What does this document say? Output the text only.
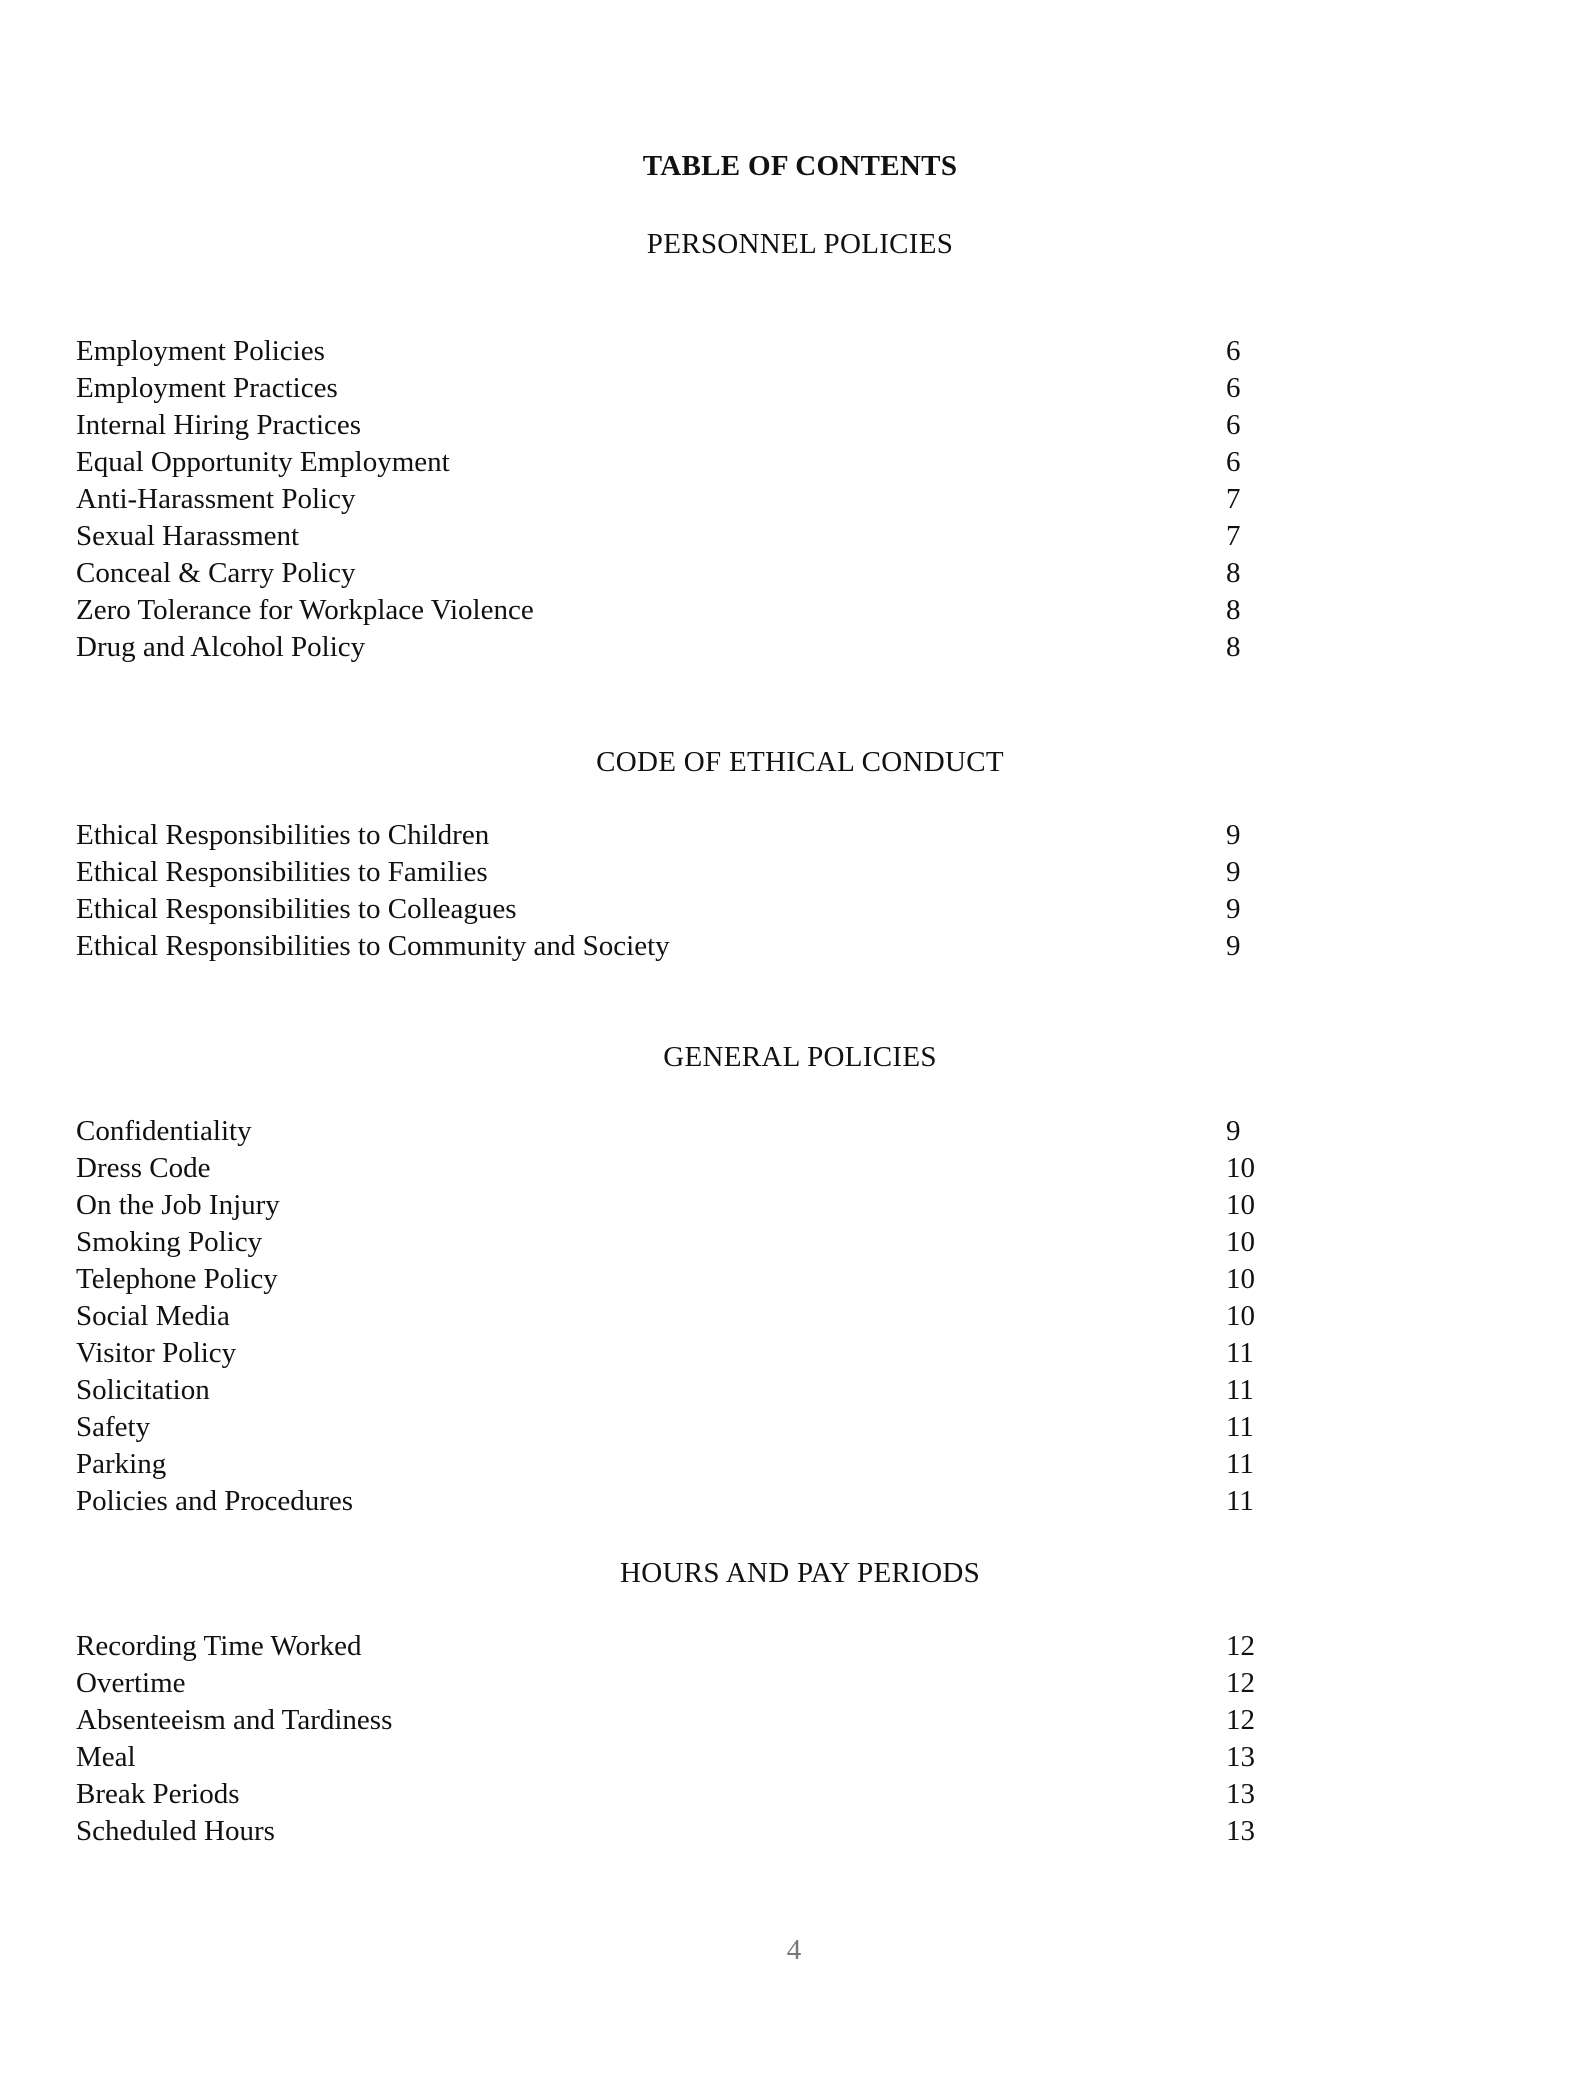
TABLE OF CONTENTS
PERSONNEL POLICIES
Employment Policies	6
Employment Practices	6
Internal Hiring Practices	6
Equal Opportunity Employment	6
Anti-Harassment Policy	7
Sexual Harassment	7
Conceal & Carry Policy	8
Zero Tolerance for Workplace Violence	8
Drug and Alcohol Policy	8
CODE OF ETHICAL CONDUCT
Ethical Responsibilities to Children	9
Ethical Responsibilities to Families	9
Ethical Responsibilities to Colleagues	9
Ethical Responsibilities to Community and Society	9
GENERAL POLICIES
Confidentiality	9
Dress Code	10
On the Job Injury	10
Smoking Policy	10
Telephone Policy	10
Social Media	10
Visitor Policy	11
Solicitation	11
Safety	11
Parking	11
Policies and Procedures	11
HOURS AND PAY PERIODS
Recording Time Worked	12
Overtime	12
Absenteeism and Tardiness	12
Meal	13
Break Periods	13
Scheduled Hours	13
4
